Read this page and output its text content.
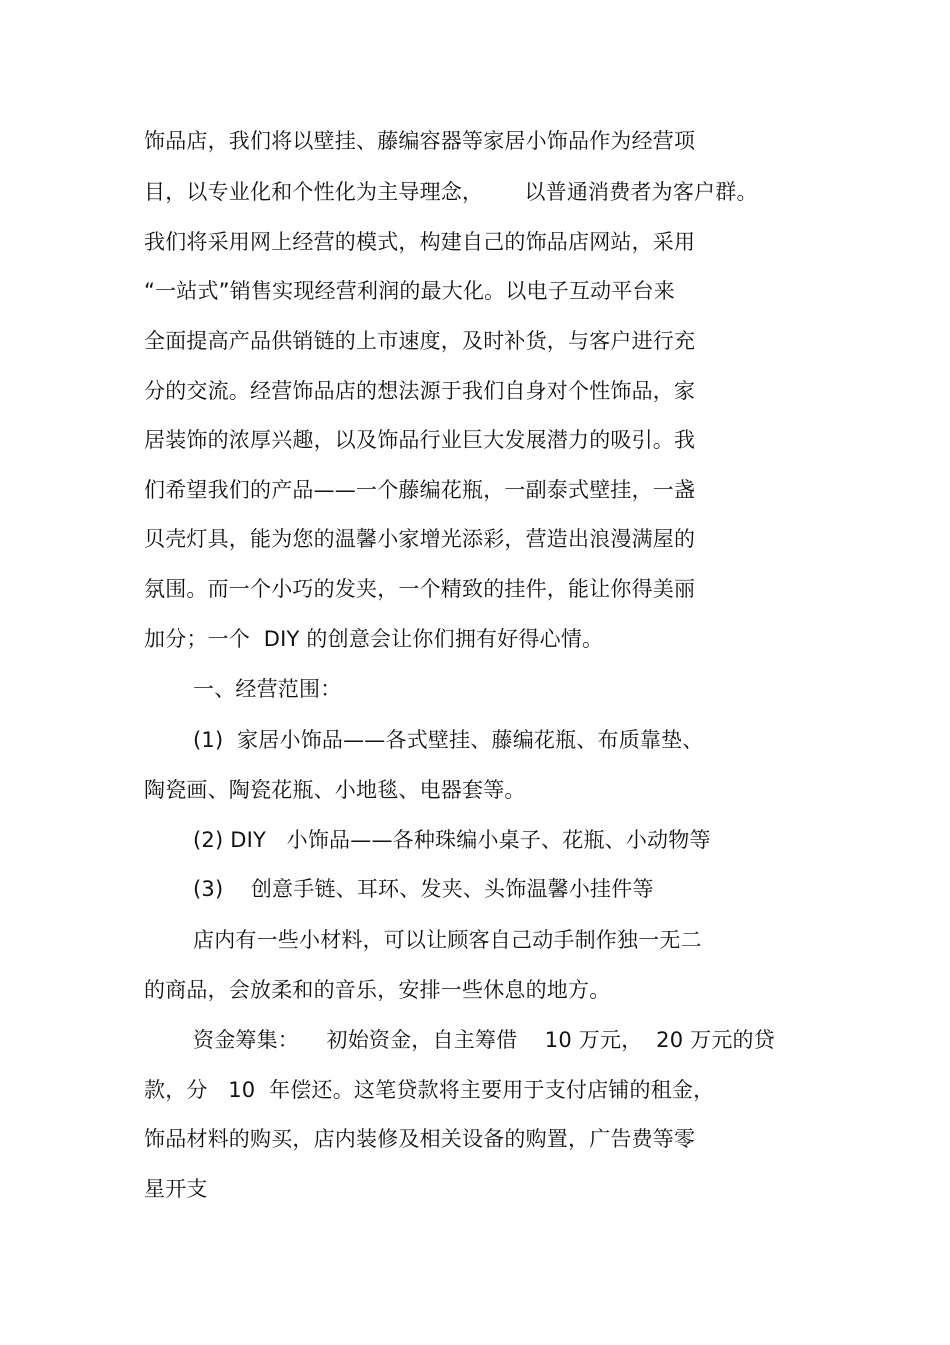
饰品店，我们将以壁挂、藤编容器等家居小饰品作为经营项
目，以专业化和个性化为主导理念，      以普通消费者为客户群。
我们将采用网上经营的模式，构建自己的饰品店网站，采用
“一站式”销售实现经营利润的最大化。以电子互动平台来
全面提高产品供销链的上市速度，及时补货，与客户进行充
分的交流。经营饰品店的想法源于我们自身对个性饰品，家
居装饰的浓厚兴趣，以及饰品行业巨大发展潜力的吸引。我
们希望我们的产品——一个藤编花瓶，一副泰式壁挂，一盏
贝壳灯具，能为您的温馨小家增光添彩，营造出浪漫满屋的
氛围。而一个小巧的发夹，一个精致的挂件，能让你得美丽
加分；一个  DIY 的创意会让你们拥有好得心情。
一、经营范围：
(1)  家居小饰品——各式壁挂、藤编花瓶、布质靠垫、
陶瓷画、陶瓷花瓶、小地毯、电器套等。
(2) DIY   小饰品——各种珠编小桌子、花瓶、小动物等
(3)    创意手链、耳环、发夹、头饰温馨小挂件等
店内有一些小材料，可以让顾客自己动手制作独一无二
的商品，会放柔和的音乐，安排一些休息的地方。
资金筹集：    初始资金，自主筹借    10 万元，  20 万元的贷
款，分   10  年偿还。这笔贷款将主要用于支付店铺的租金，
饰品材料的购买，店内装修及相关设备的购置，广告费等零
星开支
